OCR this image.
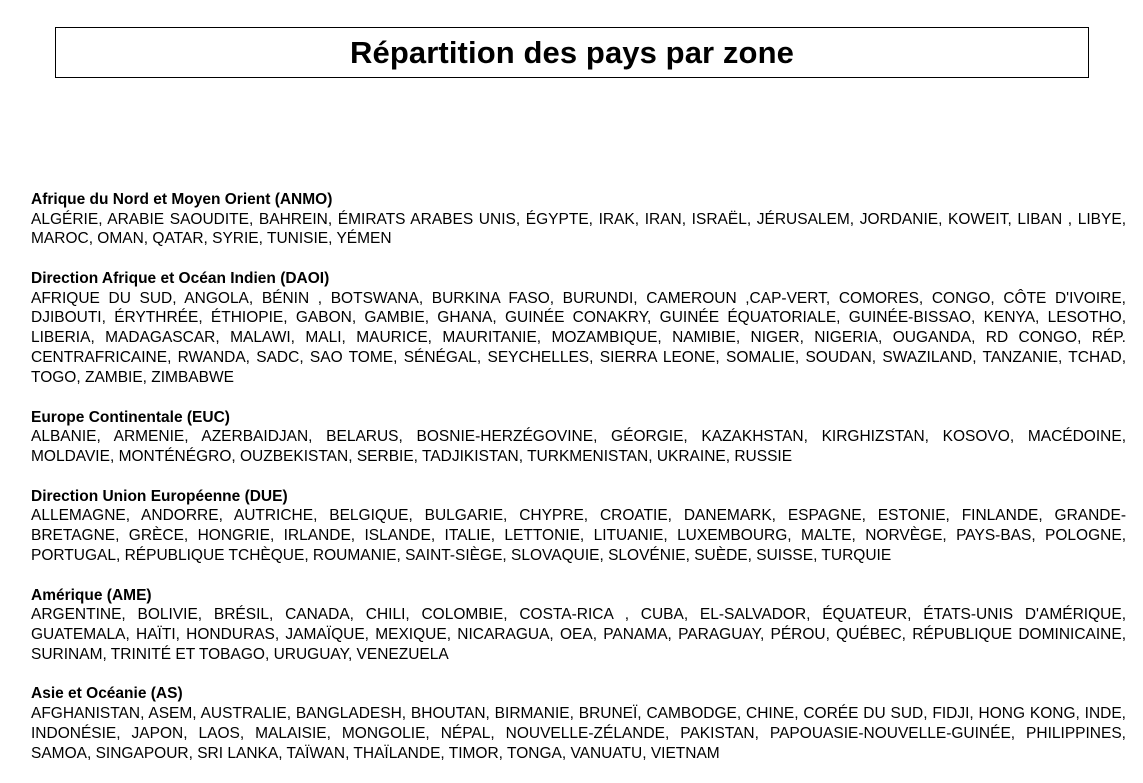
Répartition des pays par zone

Afrique du Nord et Moyen Orient (ANMO)

ALGÉRIE, ARABIE SAOUDITE, BAHREIN, ÉMIRATS ARABES UNIS, ÉGYPTE, IRAK, IRAN, ISRAËL, JÉRUSALEM, JORDANIE, KOWEIT, LIBAN , LIBYE, MAROC, OMAN, QATAR, SYRIE, TUNISIE, YÉMEN

Direction Afrique et Océan Indien (DAOI)

AFRIQUE DU SUD, ANGOLA, BÉNIN , BOTSWANA, BURKINA FASO, BURUNDI, CAMEROUN ,CAP-VERT, COMORES, CONGO, CÔTE D'IVOIRE, DJIBOUTI, ÉRYTHRÉE, ÉTHIOPIE, GABON, GAMBIE, GHANA, GUINÉE CONAKRY, GUINÉE ÉQUATORIALE, GUINÉE-BISSAO, KENYA, LESOTHO, LIBERIA, MADAGASCAR, MALAWI, MALI, MAURICE, MAURITANIE, MOZAMBIQUE, NAMIBIE, NIGER, NIGERIA, OUGANDA, RD CONGO, RÉP. CENTRAFRICAINE, RWANDA, SADC, SAO TOME, SÉNÉGAL, SEYCHELLES, SIERRA LEONE, SOMALIE, SOUDAN, SWAZILAND, TANZANIE, TCHAD, TOGO, ZAMBIE, ZIMBABWE

Europe Continentale (EUC)

ALBANIE, ARMENIE, AZERBAIDJAN, BELARUS, BOSNIE-HERZÉGOVINE, GÉORGIE, KAZAKHSTAN, KIRGHIZSTAN, KOSOVO, MACÉDOINE, MOLDAVIE, MONTÉNÉGRO, OUZBEKISTAN, SERBIE, TADJIKISTAN, TURKMENISTAN, UKRAINE, RUSSIE

Direction Union Européenne (DUE)

ALLEMAGNE, ANDORRE, AUTRICHE, BELGIQUE, BULGARIE, CHYPRE, CROATIE, DANEMARK, ESPAGNE, ESTONIE, FINLANDE, GRANDE-BRETAGNE, GRÈCE, HONGRIE, IRLANDE, ISLANDE, ITALIE, LETTONIE, LITUANIE, LUXEMBOURG, MALTE, NORVÈGE, PAYS-BAS, POLOGNE, PORTUGAL, RÉPUBLIQUE TCHÈQUE, ROUMANIE, SAINT-SIÈGE, SLOVAQUIE, SLOVÉNIE, SUÈDE, SUISSE, TURQUIE

Amérique (AME)

ARGENTINE, BOLIVIE, BRÉSIL, CANADA, CHILI, COLOMBIE, COSTA-RICA , CUBA, EL-SALVADOR, ÉQUATEUR, ÉTATS-UNIS D'AMÉRIQUE, GUATEMALA, HAÏTI, HONDURAS, JAMAÏQUE, MEXIQUE, NICARAGUA, OEA, PANAMA, PARAGUAY, PÉROU, QUÉBEC, RÉPUBLIQUE DOMINICAINE, SURINAM, TRINITÉ ET TOBAGO, URUGUAY, VENEZUELA

Asie et Océanie (AS)

AFGHANISTAN, ASEM, AUSTRALIE, BANGLADESH, BHOUTAN, BIRMANIE, BRUNEÏ, CAMBODGE, CHINE, CORÉE DU SUD, FIDJI, HONG KONG, INDE, INDONÉSIE, JAPON, LAOS, MALAISIE, MONGOLIE, NÉPAL, NOUVELLE-ZÉLANDE, PAKISTAN, PAPOUASIE-NOUVELLE-GUINÉE, PHILIPPINES, SAMOA, SINGAPOUR, SRI LANKA, TAÏWAN, THAÏLANDE, TIMOR, TONGA, VANUATU, VIETNAM
